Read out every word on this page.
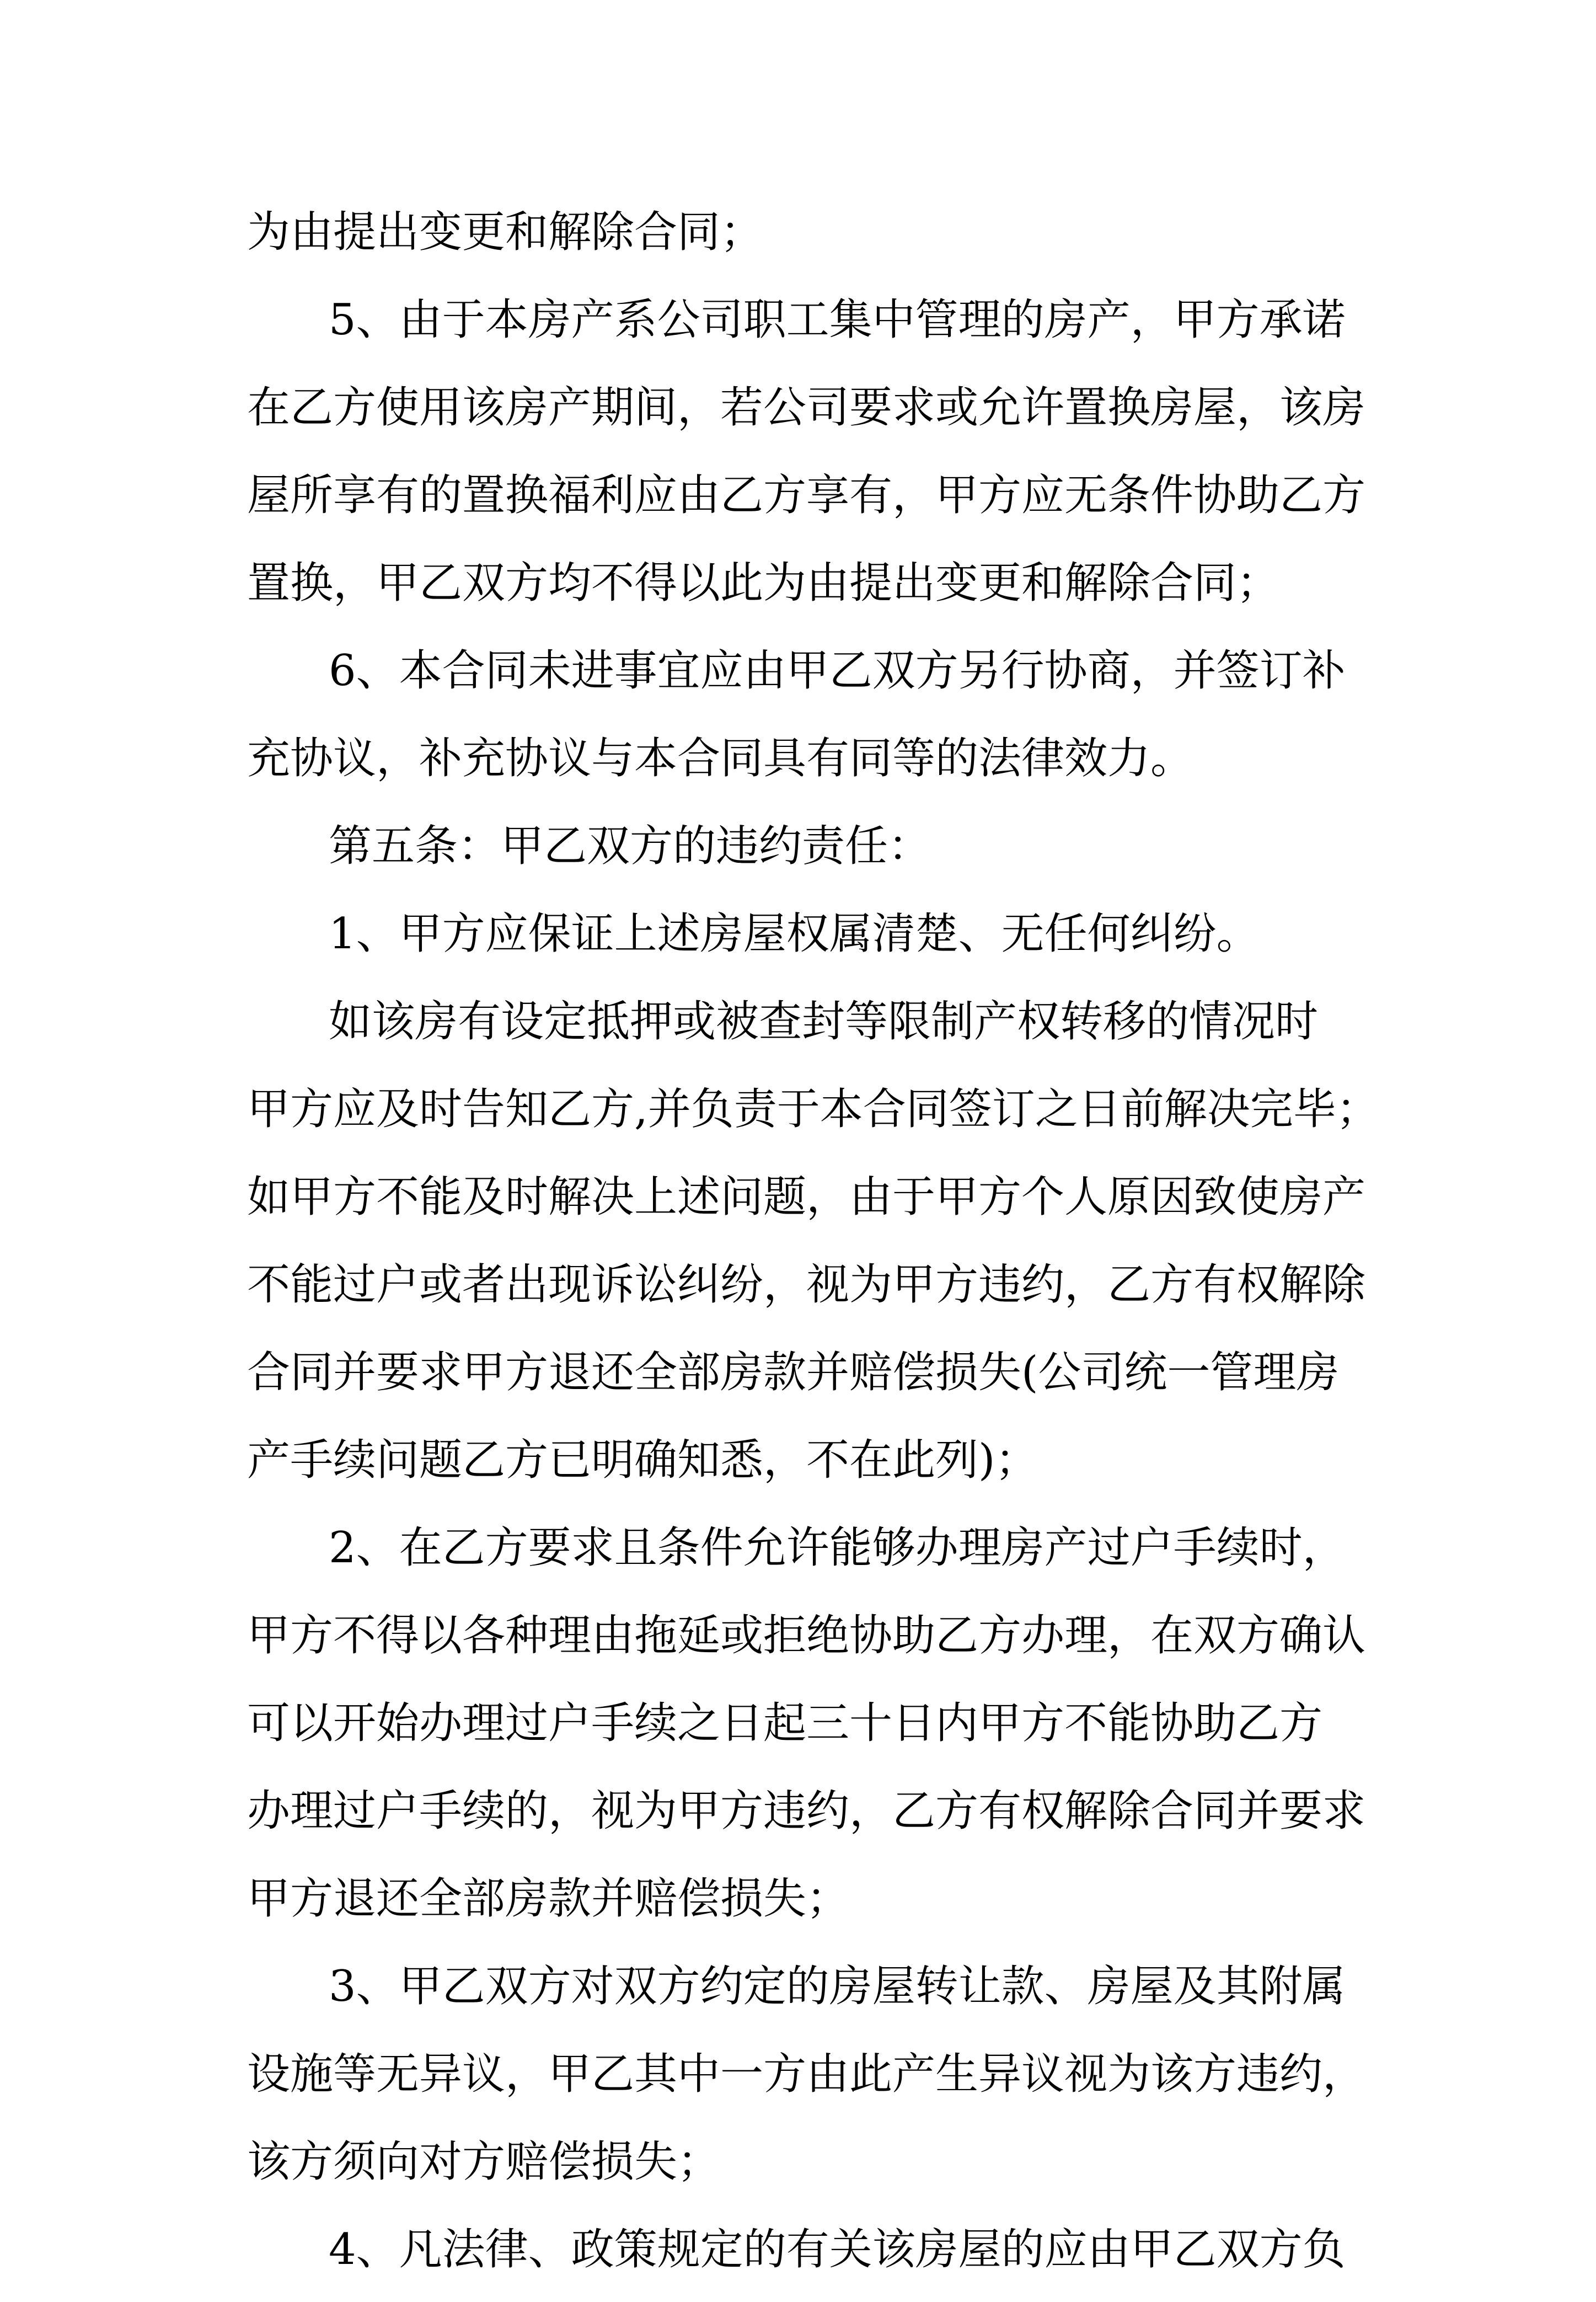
为由提出变更和解除合同；
5、由于本房产系公司职工集中管理的房产，甲方承诺
在乙方使用该房产期间，若公司要求或允许置换房屋，该房
屋所享有的置换福利应由乙方享有，甲方应无条件协助乙方
置换，甲乙双方均不得以此为由提出变更和解除合同；
6、本合同未进事宜应由甲乙双方另行协商，并签订补
充协议，补充协议与本合同具有同等的法律效力。
第五条：甲乙双方的违约责任：
1、甲方应保证上述房屋权属清楚、无任何纠纷。
如该房有设定抵押或被查封等限制产权转移的情况时
甲方应及时告知乙方,并负责于本合同签订之日前解决完毕；
如甲方不能及时解决上述问题，由于甲方个人原因致使房产
不能过户或者出现诉讼纠纷，视为甲方违约，乙方有权解除
合同并要求甲方退还全部房款并赔偿损失(公司统一管理房
产手续问题乙方已明确知悉，不在此列)；
2、在乙方要求且条件允许能够办理房产过户手续时，
甲方不得以各种理由拖延或拒绝协助乙方办理，在双方确认
可以开始办理过户手续之日起三十日内甲方不能协助乙方
办理过户手续的，视为甲方违约，乙方有权解除合同并要求
甲方退还全部房款并赔偿损失；
3、甲乙双方对双方约定的房屋转让款、房屋及其附属
设施等无异议，甲乙其中一方由此产生异议视为该方违约，
该方须向对方赔偿损失；
4、凡法律、政策规定的有关该房屋的应由甲乙双方负
